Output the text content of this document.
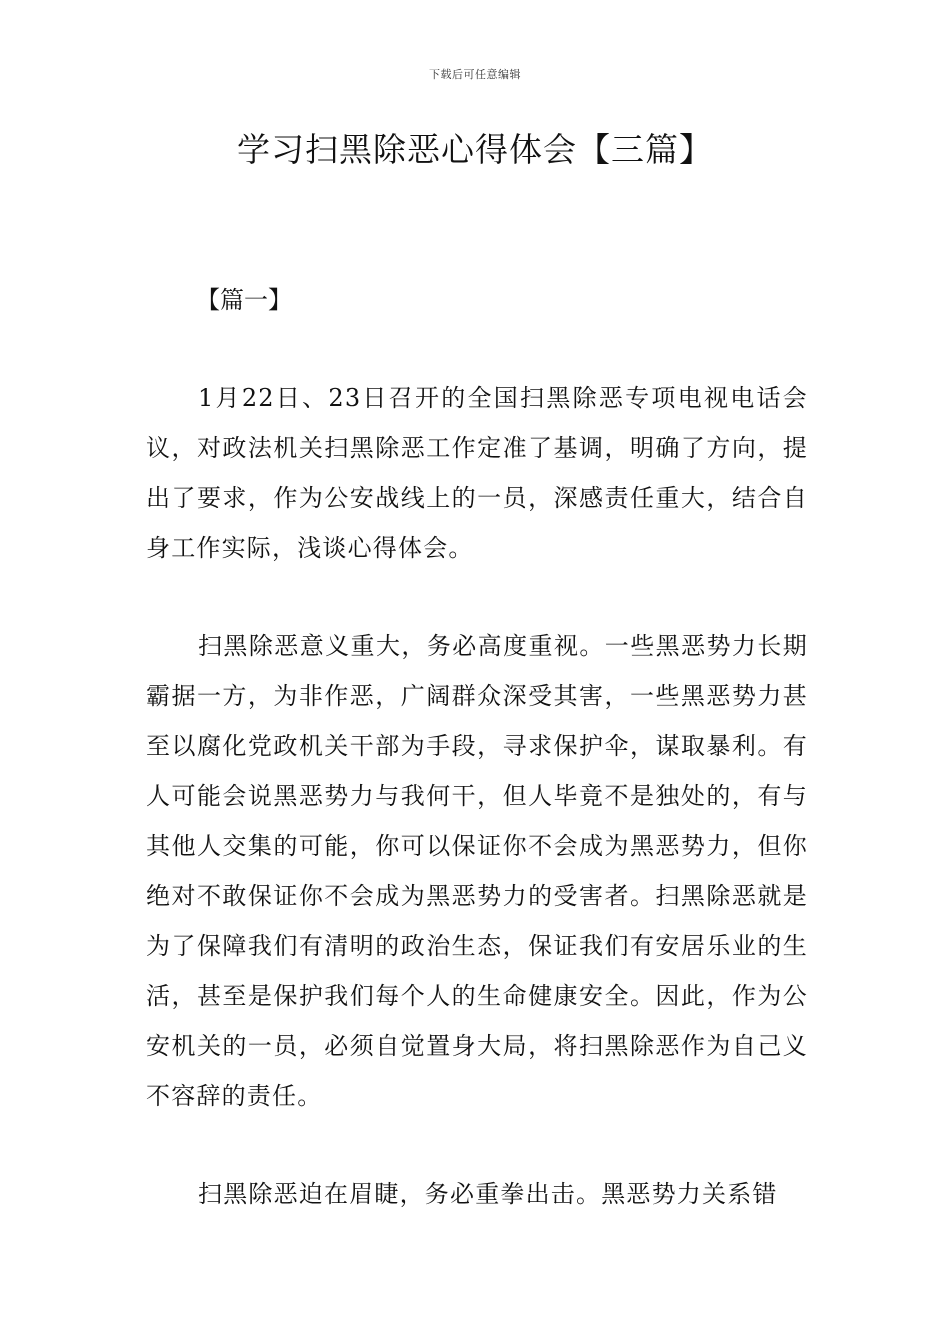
下载后可任意编辑
学习扫黑除恶心得体会【三篇】
【篇一】

1月22日、23日召开的全国扫黑除恶专项电视电话会议，对政法机关扫黑除恶工作定准了基调，明确了方向，提出了要求，作为公安战线上的一员，深感责任重大，结合自身工作实际，浅谈心得体会。

扫黑除恶意义重大，务必高度重视。一些黑恶势力长期霸据一方，为非作恶，广阔群众深受其害，一些黑恶势力甚至以腐化党政机关干部为手段，寻求保护伞，谋取暴利。有人可能会说黑恶势力与我何干，但人毕竟不是独处的，有与其他人交集的可能，你可以保证你不会成为黑恶势力，但你绝对不敢保证你不会成为黑恶势力的受害者。扫黑除恶就是为了保障我们有清明的政治生态，保证我们有安居乐业的生活，甚至是保护我们每个人的生命健康安全。因此，作为公安机关的一员，必须自觉置身大局，将扫黑除恶作为自己义不容辞的责任。

扫黑除恶迫在眉睫，务必重拳出击。黑恶势力关系错
